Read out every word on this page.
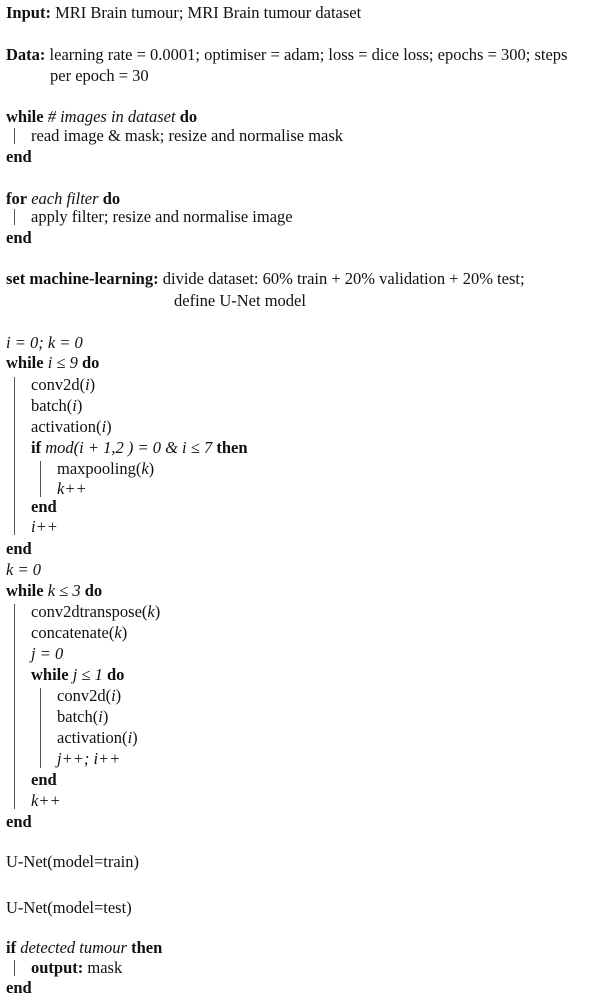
Input: MRI Brain tumour; MRI Brain tumour dataset
Data: learning rate = 0.0001; optimiser = adam; loss = dice loss; epochs = 300; steps
per epoch = 30
while # images in dataset do
read image & mask; resize and normalise mask
end
for each filter do
apply filter; resize and normalise image
end
set machine-learning: divide dataset: 60% train + 20% validation + 20% test;
define U-Net model
i = 0; k = 0
while i ≤ 9 do
conv2d(i)
batch(i)
activation(i)
if mod(i + 1,2 ) = 0 & i ≤ 7 then
maxpooling(k)
k++
end
i++
end
k = 0
while k ≤ 3 do
conv2dtranspose(k)
concatenate(k)
j = 0
while j ≤ 1 do
conv2d(i)
batch(i)
activation(i)
j++; i++
end
k++
end
U-Net(model=train)
U-Net(model=test)
if detected tumour then
output: mask
end
